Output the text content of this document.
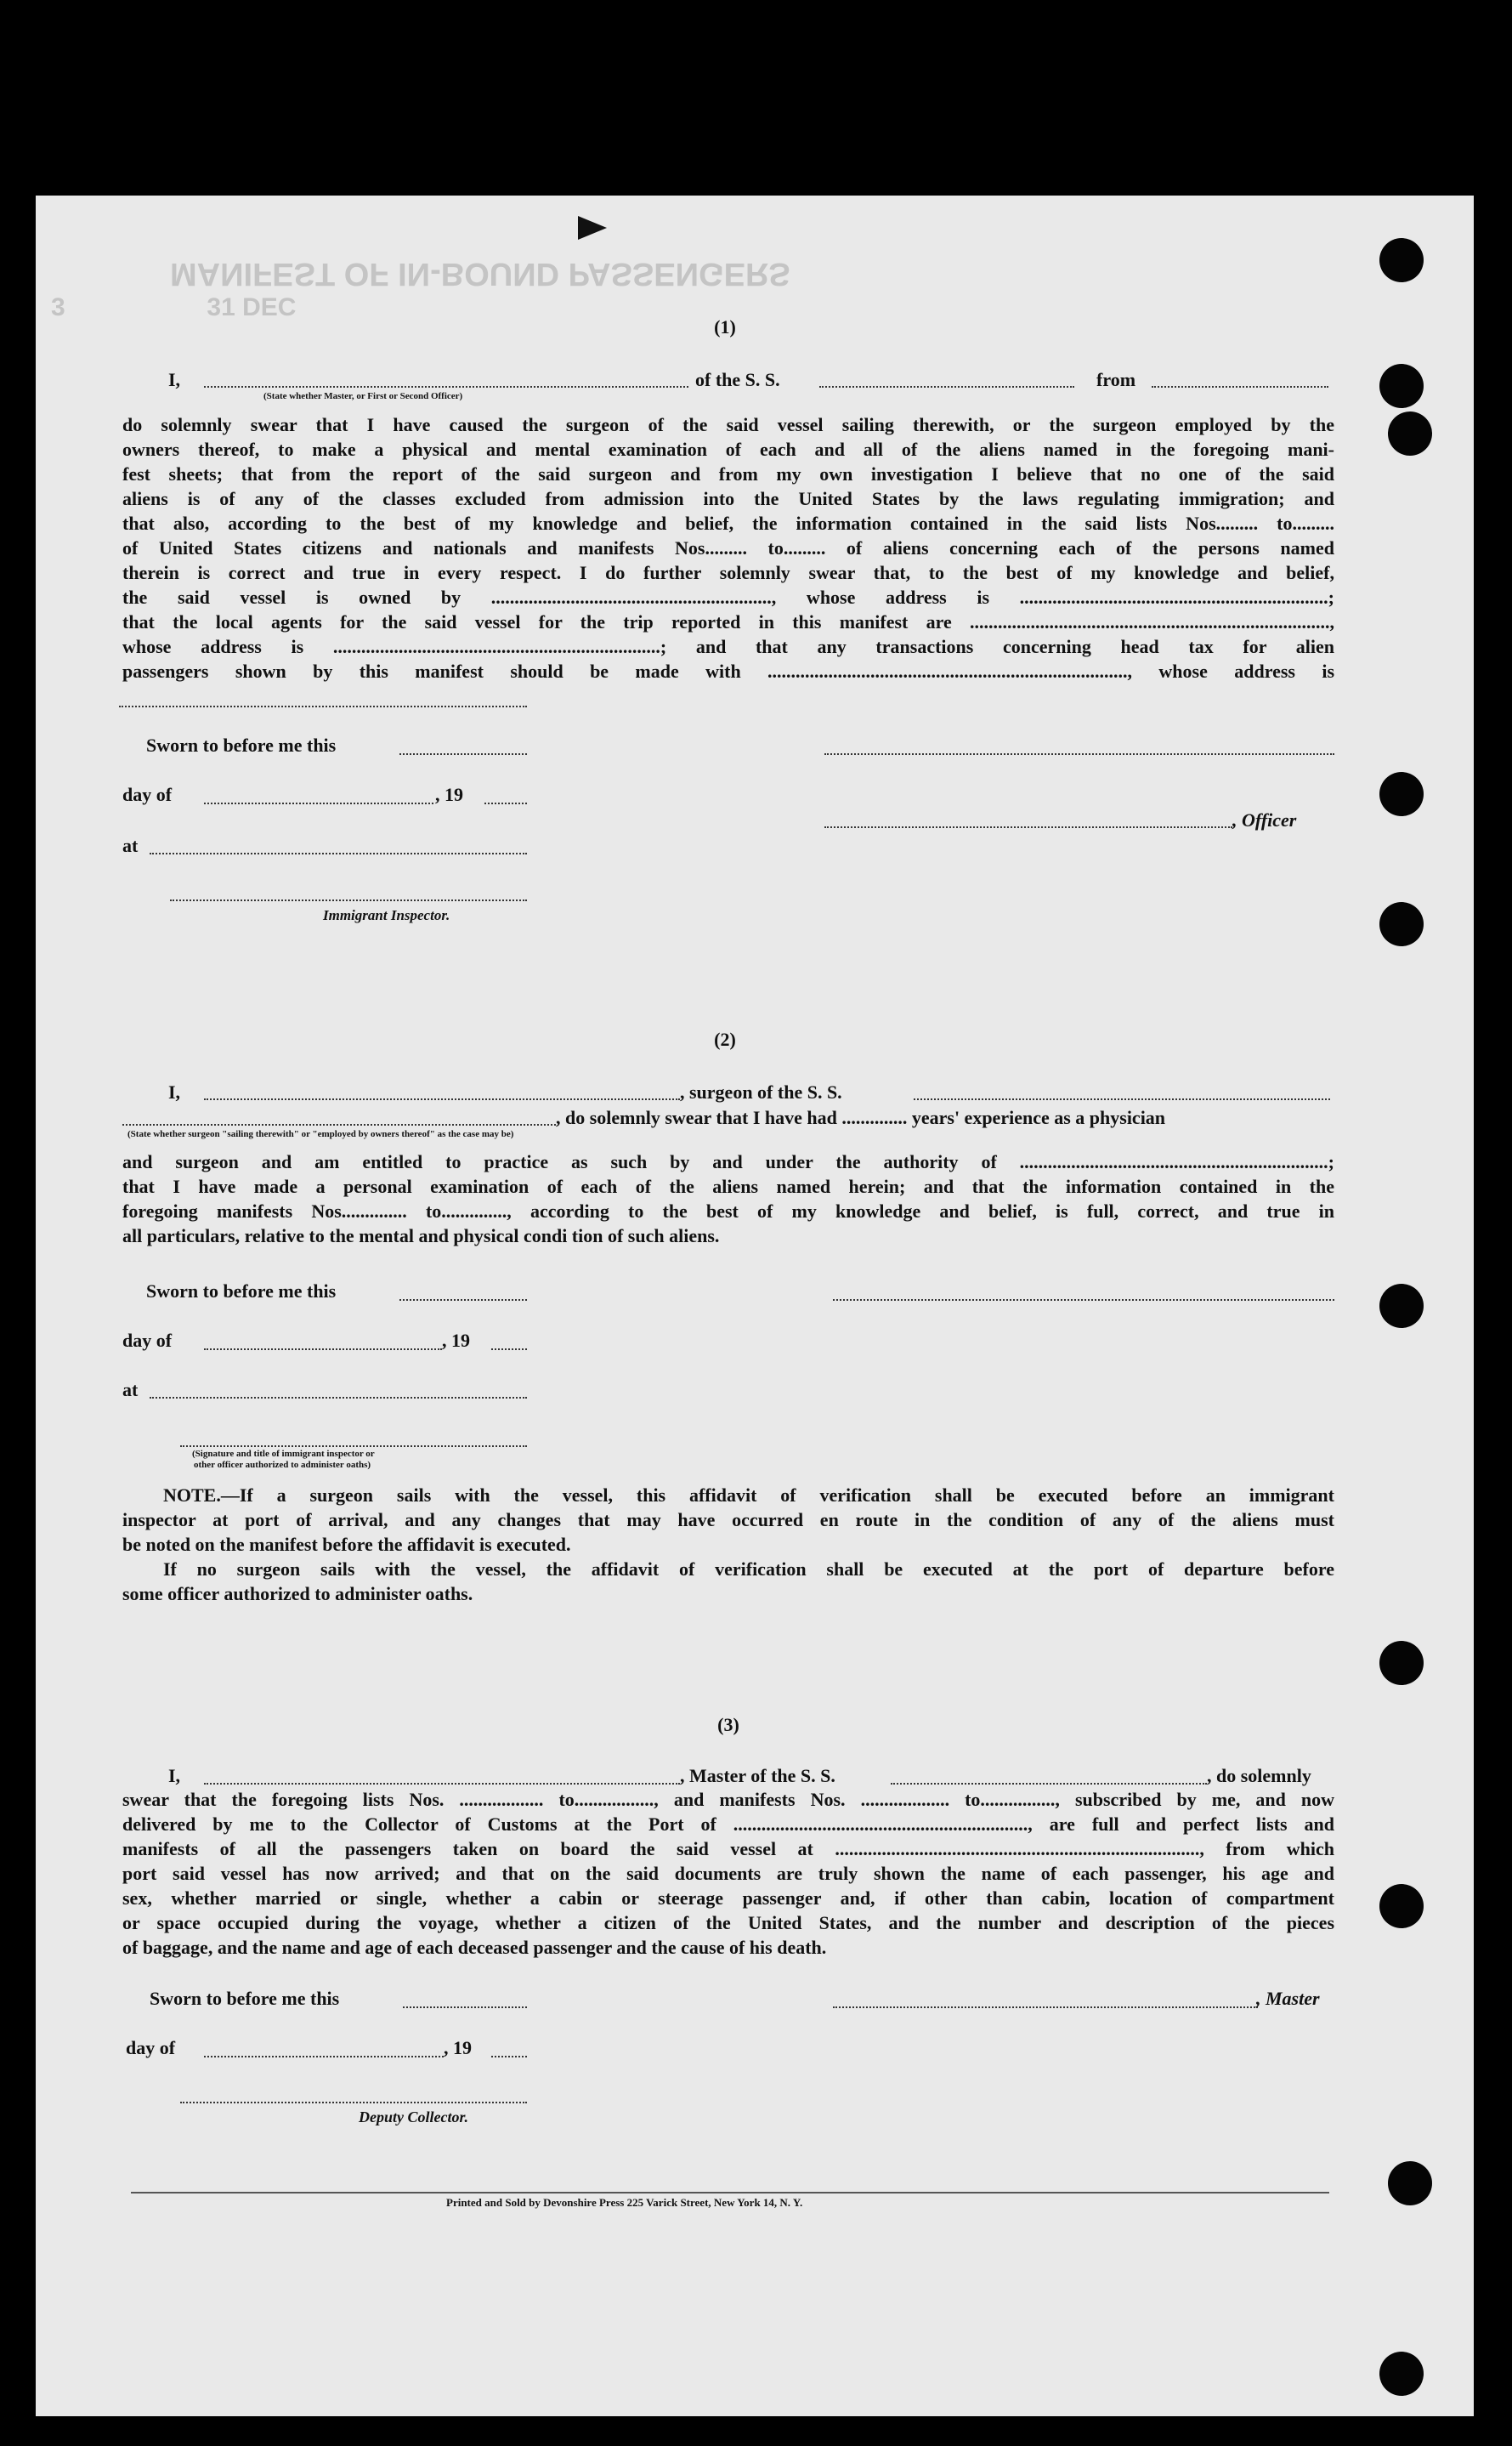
MANIFEST OF IN-BOUND PASSENGERS
3                    31 DEC
(1)
I,	of the S. S.	from
(State whether Master, or First or Second Officer)

do solemnly swear that I have caused the surgeon of the said vessel sailing therewith, or the surgeon employed by the

owners thereof, to make a physical and mental examination of each and all of the aliens named in the foregoing mani-

fest sheets; that from the report of the said surgeon and from my own investigation I believe that no one of the said

aliens is of any of the classes excluded from admission into the United States by the laws regulating immigration; and

that also, according to the best of my knowledge and belief, the information contained in the said lists Nos......... to.........

of United States citizens and nationals and manifests Nos......... to......... of aliens concerning each of the persons named

therein is correct and true in every respect. I do further solemnly swear that, to the best of my knowledge and belief,

the said vessel is owned by ............................................................, whose address is ..................................................................;

that the local agents for the said vessel for the trip reported in this manifest are .............................................................................,

whose address is ......................................................................; and that any transactions concerning head tax for alien

passengers shown by this manifest should be made with ............................................................................., whose address is

Sworn to before me this
day of	, 19
, Officer
at
Immigrant Inspector.
(2)
I,	, surgeon of the S. S.
, do solemnly swear that I have had .............. years' experience as a physician
(State whether surgeon "sailing therewith" or "employed by owners thereof" as the case may be)

and surgeon and am entitled to practice as such by and under the authority of ..................................................................;

that I have made a personal examination of each of the aliens named herein; and that the information contained in the

foregoing manifests Nos.............. to.............., according to the best of my knowledge and belief, is full, correct, and true in

all particulars, relative to the mental and physical condi tion of such aliens.

Sworn to before me this
day of	, 19
at
(Signature and title of immigrant inspector or
other officer authorized to administer oaths)

NOTE.—If a surgeon sails with the vessel, this affidavit of verification shall be executed before an immigrant

inspector at port of arrival, and any changes that may have occurred en route in the condition of any of the aliens must

be noted on the manifest before the affidavit is executed.

If no surgeon sails with the vessel, the affidavit of verification shall be executed at the port of departure before

some officer authorized to administer oaths.

(3)
I,	, Master of the S. S.	, do solemnly

swear that the foregoing lists Nos. .................. to................., and manifests Nos. ................... to................, subscribed by me, and now

delivered by me to the Collector of Customs at the Port of ..............................................................., are full and perfect lists and

manifests of all the passengers taken on board the said vessel at .............................................................................., from which

port said vessel has now arrived; and that on the said documents are truly shown the name of each passenger, his age and

sex, whether married or single, whether a cabin or steerage passenger and, if other than cabin, location of compartment

or space occupied during the voyage, whether a citizen of the United States, and the number and description of the pieces

of baggage, and the name and age of each deceased passenger and the cause of his death.

Sworn to before me this	, Master
day of	, 19
Deputy Collector.
Printed and Sold by Devonshire Press 225 Varick Street, New York 14, N. Y.
